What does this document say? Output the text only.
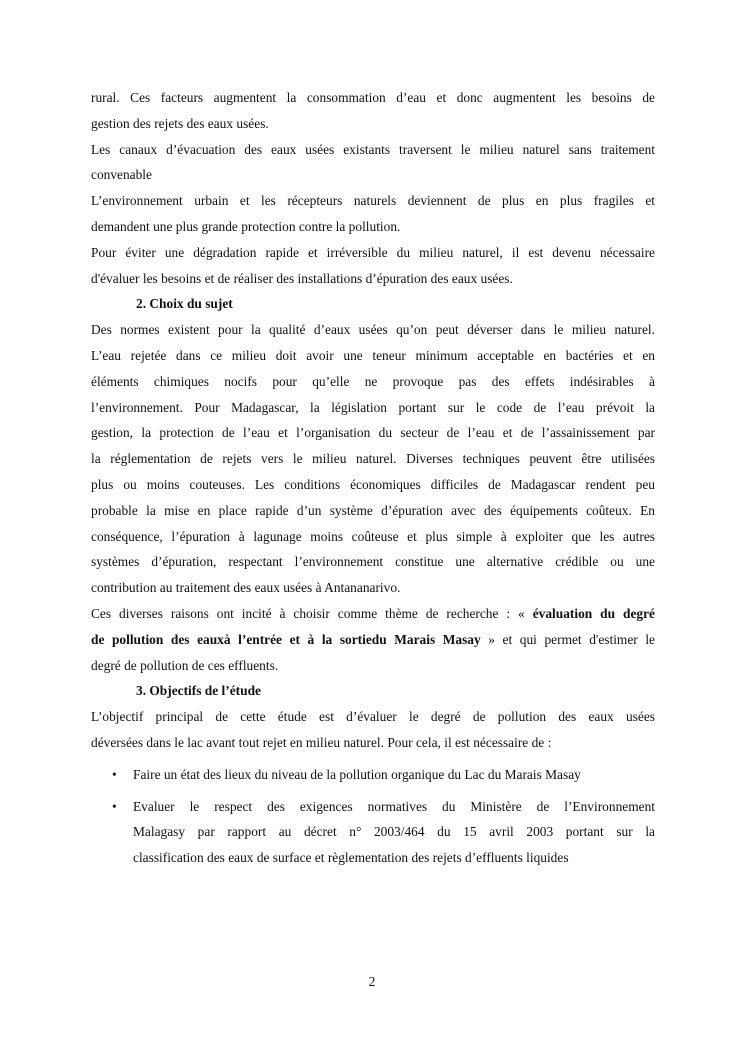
rural. Ces facteurs augmentent la consommation d’eau et donc augmentent les besoins de
gestion des rejets des eaux usées.
Les canaux d’évacuation des eaux usées existants traversent le milieu naturel sans traitement
convenable
L’environnement urbain et les récepteurs naturels deviennent de plus en plus fragiles et
demandent une plus grande protection contre la pollution.
Pour éviter une dégradation rapide et irréversible du milieu naturel, il est devenu nécessaire
d'évaluer les besoins et de réaliser des installations d’épuration des eaux usées.
2. Choix du sujet
Des normes existent pour la qualité d’eaux usées qu’on peut déverser dans le milieu naturel.
L’eau rejetée dans ce milieu doit avoir une teneur minimum acceptable en bactéries et en
éléments chimiques nocifs pour qu’elle ne provoque pas des effets indésirables à
l’environnement. Pour Madagascar, la législation portant sur le code de l’eau prévoit la
gestion, la protection de l’eau et l’organisation du secteur de l’eau et de l’assainissement par
la réglementation de rejets vers le milieu naturel. Diverses techniques peuvent être utilisées
plus ou moins couteuses. Les conditions économiques difficiles de Madagascar rendent peu
probable la mise en place rapide d’un système d’épuration avec des équipements coûteux. En
conséquence, l’épuration à lagunage moins coûteuse et plus simple à exploiter que les autres
systèmes d’épuration, respectant l’environnement constitue une alternative crédible ou une
contribution au traitement des eaux usées à Antananarivo.
Ces diverses raisons ont incité à choisir comme thème de recherche : « évaluation du degré
de pollution des eauxà l’entrée et à la sortiedu Marais Masay » et qui permet d'estimer le
degré de pollution de ces effluents.
3. Objectifs de l’étude
L’objectif principal de cette étude est d’évaluer le degré de pollution des eaux usées
déversées dans le lac avant tout rejet en milieu naturel. Pour cela, il est nécessaire de :
• Faire un état des lieux du niveau de la pollution organique du Lac du Marais Masay
• Evaluer le respect des exigences normatives du Ministère de l’Environnement
Malagasy par rapport au décret n° 2003/464 du 15 avril 2003 portant sur la
classification des eaux de surface et règlementation des rejets d’effluents liquides
2
